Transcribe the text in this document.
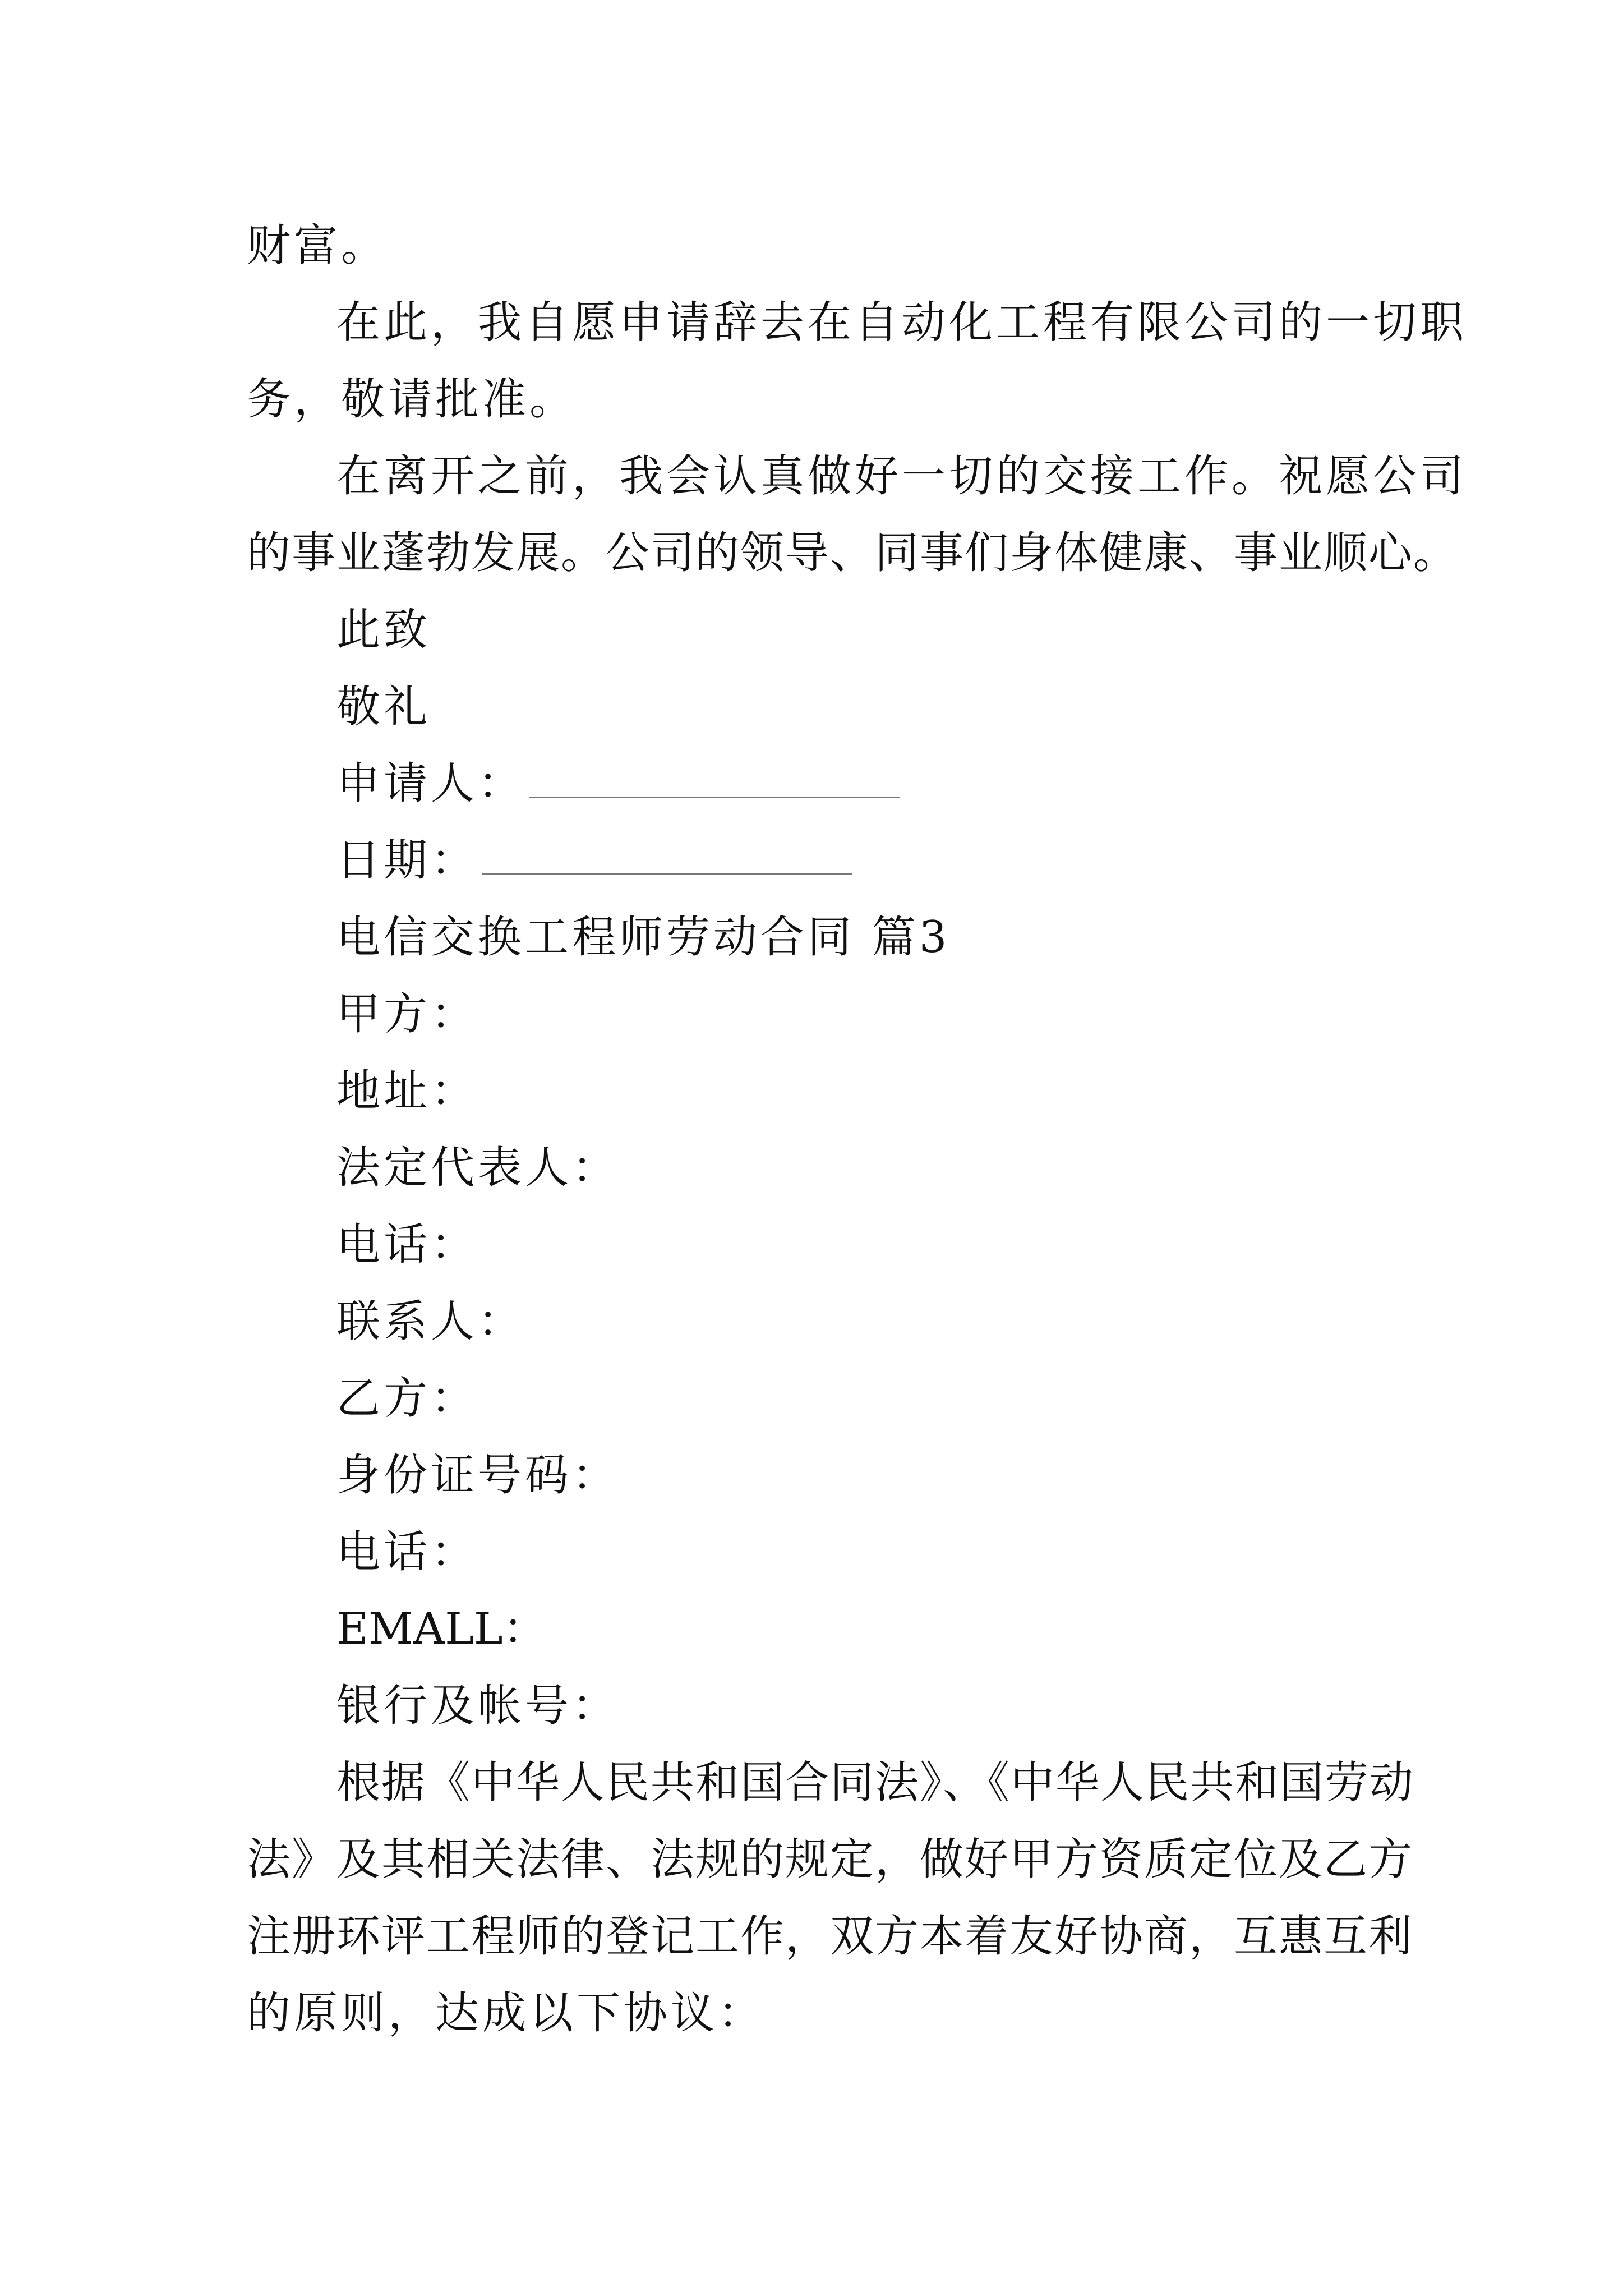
财富。
在此，我自愿申请辞去在自动化工程有限公司的一切职
务，敬请批准。
在离开之前，我会认真做好一切的交接工作。祝愿公司
的事业蓬勃发展。公司的领导、同事们身体健康、事业顺心。
此致
敬礼
申请人：
日期：
电信交换工程师劳动合同 篇3
甲方：
地址：
法定代表人：
电话：
联系人：
乙方：
身份证号码：
电话：
EMALL：
银行及帐号：
根据《中华人民共和国合同法》、《中华人民共和国劳动
法》及其相关法律、法规的规定，做好甲方资质定位及乙方
注册环评工程师的登记工作，双方本着友好协商，互惠互利
的原则，达成以下协议：
